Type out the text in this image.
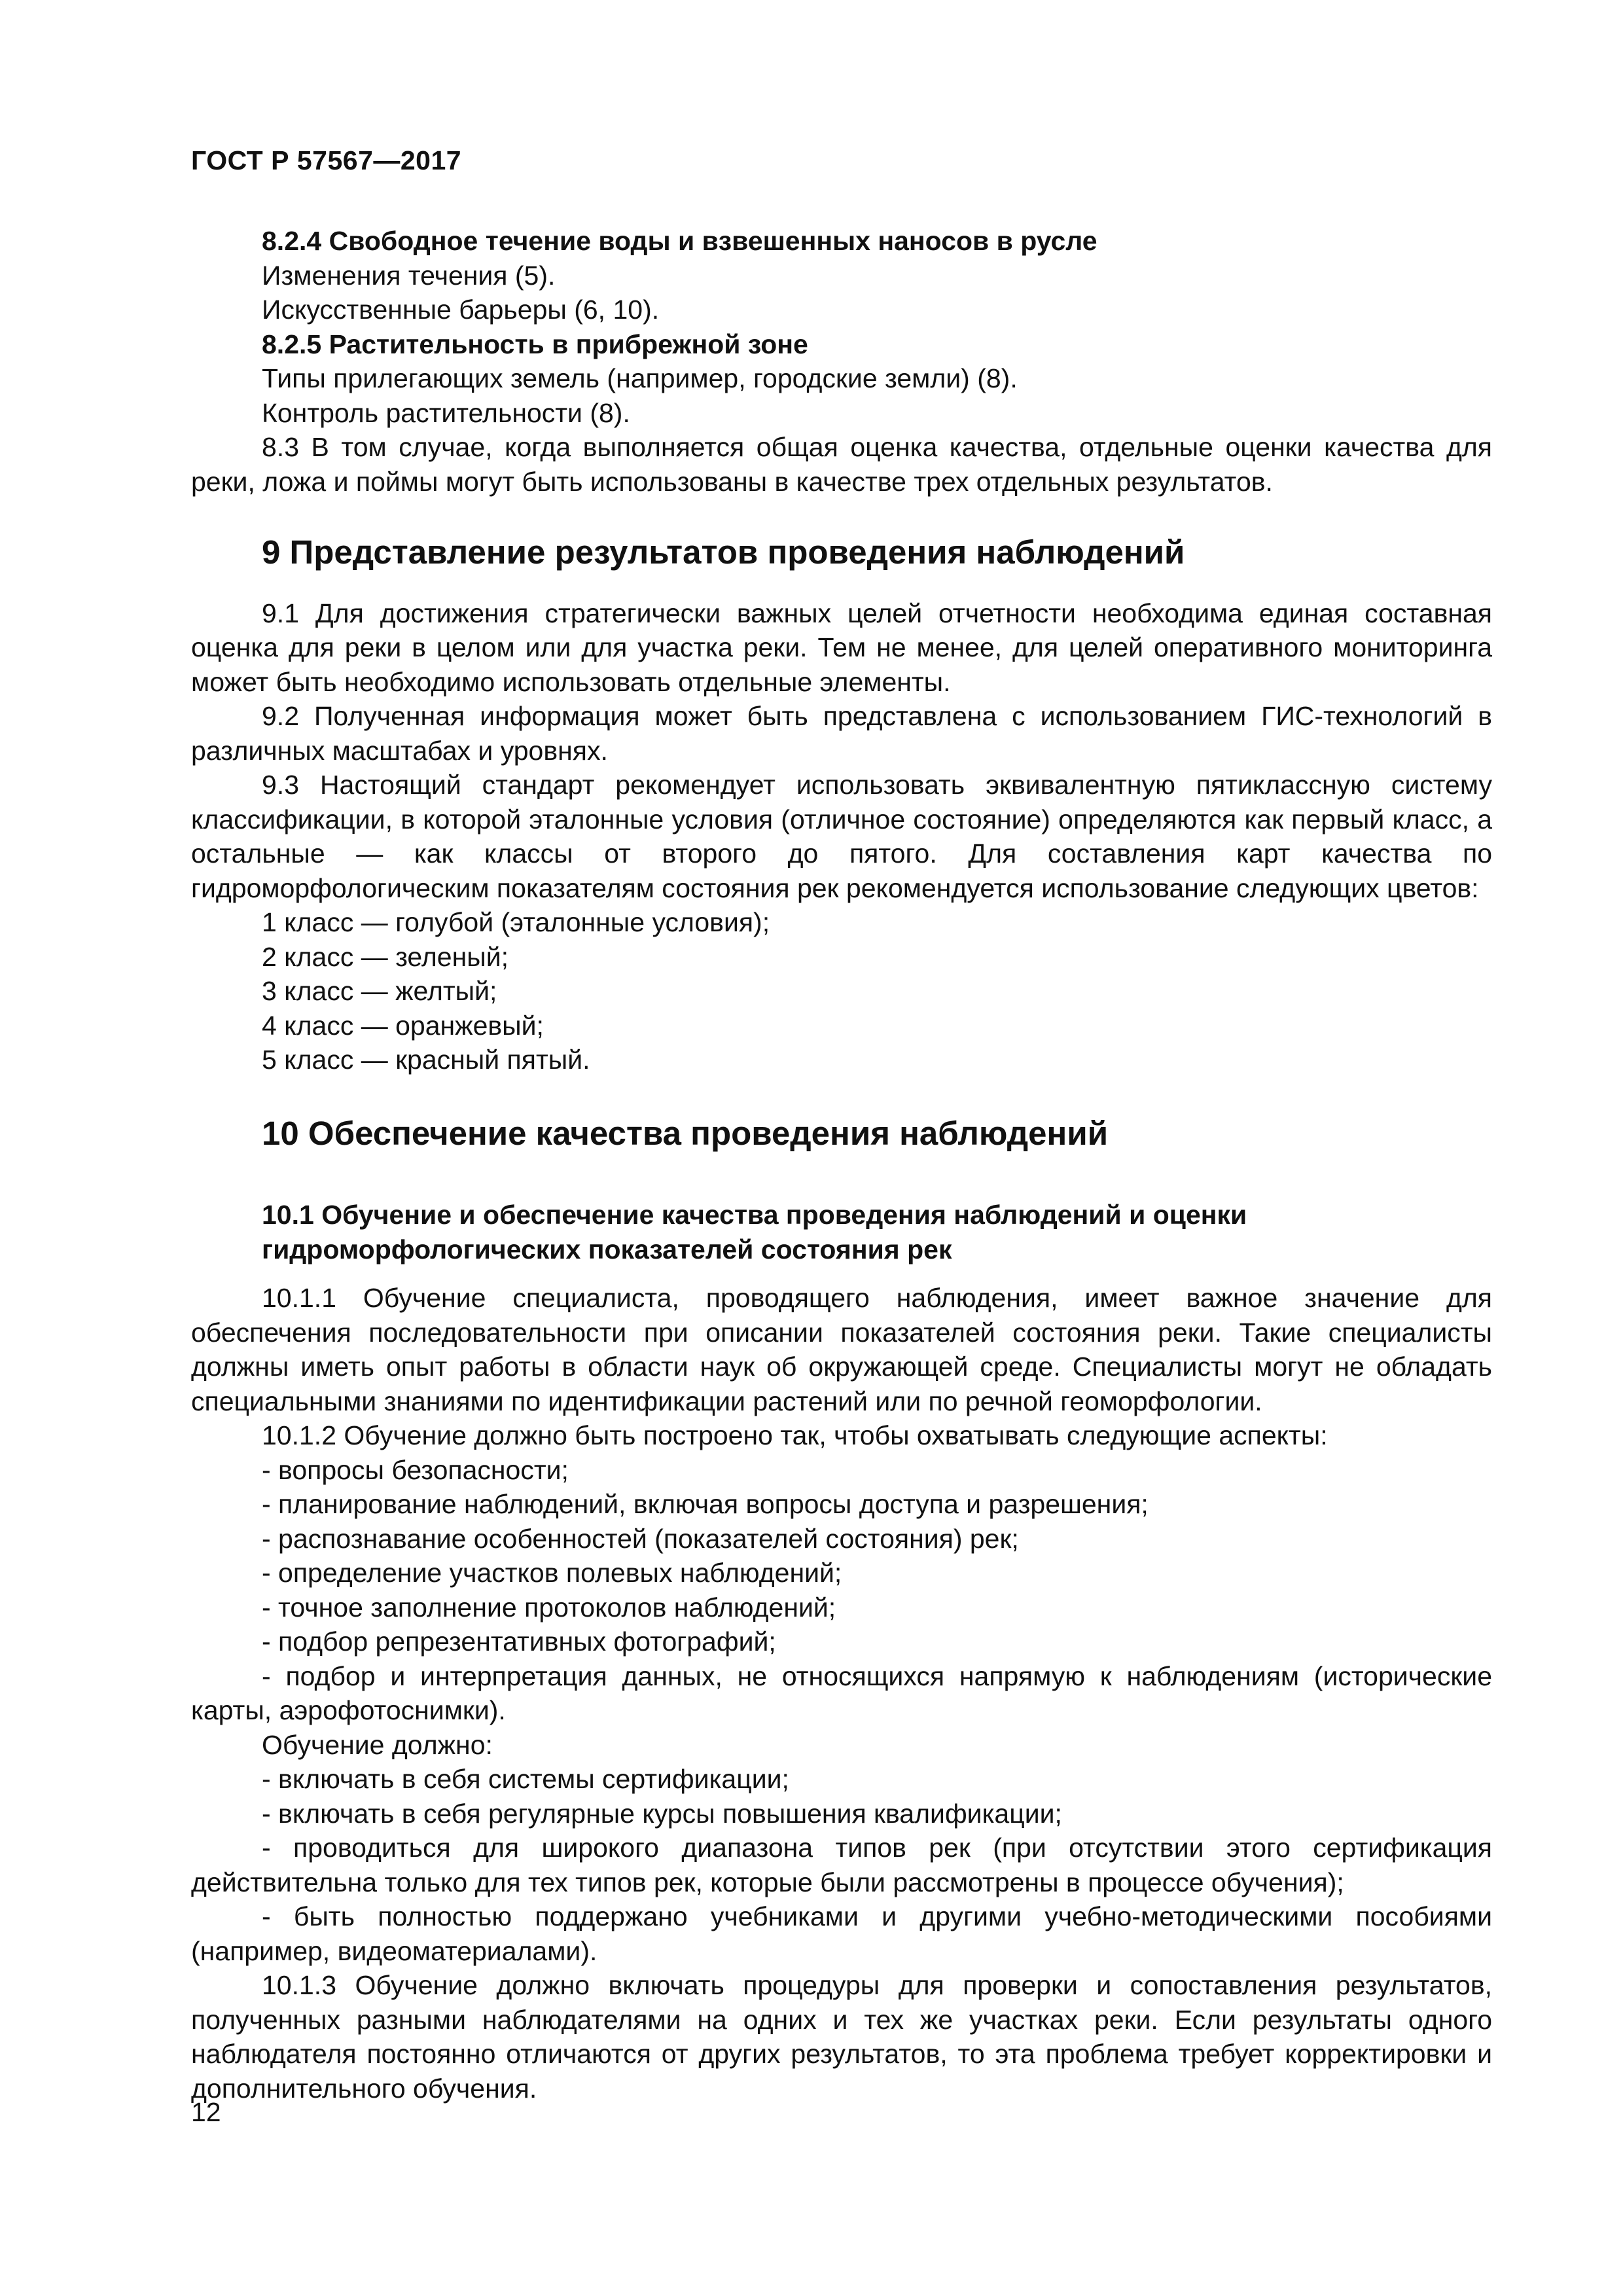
ГОСТ Р 57567—2017

8.2.4 Свободное течение воды и взвешенных наносов в русле

Изменения течения (5).

Искусственные барьеры (6, 10).

8.2.5 Растительность в прибрежной зоне

Типы прилегающих земель (например, городские земли) (8).

Контроль растительности (8).

8.3 В том случае, когда выполняется общая оценка качества, отдельные оценки качества для реки, ложа и поймы могут быть использованы в качестве трех отдельных результатов.

9 Представление результатов проведения наблюдений

9.1 Для достижения стратегически важных целей отчетности необходима единая составная оценка для реки в целом или для участка реки. Тем не менее, для целей оперативного мониторинга может быть необходимо использовать отдельные элементы.

9.2 Полученная информация может быть представлена с использованием ГИС-технологий в различных масштабах и уровнях.

9.3 Настоящий стандарт рекомендует использовать эквивалентную пятиклассную систему классификации, в которой эталонные условия (отличное состояние) определяются как первый класс, а остальные — как классы от второго до пятого. Для составления карт качества по гидроморфологическим показателям состояния рек рекомендуется использование следующих цветов:

1 класс — голубой (эталонные условия);

2 класс — зеленый;

3 класс — желтый;

4 класс — оранжевый;

5 класс — красный пятый.

10 Обеспечение качества проведения наблюдений

10.1 Обучение и обеспечение качества проведения наблюдений и оценки

гидроморфологических показателей состояния рек

10.1.1 Обучение специалиста, проводящего наблюдения, имеет важное значение для обеспечения последовательности при описании показателей состояния реки. Такие специалисты должны иметь опыт работы в области наук об окружающей среде. Специалисты могут не обладать специальными знаниями по идентификации растений или по речной геоморфологии.

10.1.2 Обучение должно быть построено так, чтобы охватывать следующие аспекты:

- вопросы безопасности;

- планирование наблюдений, включая вопросы доступа и разрешения;

- распознавание особенностей (показателей состояния) рек;

- определение участков полевых наблюдений;

- точное заполнение протоколов наблюдений;

- подбор репрезентативных фотографий;

- подбор и интерпретация данных, не относящихся напрямую к наблюдениям (исторические карты, аэрофотоснимки).

Обучение должно:

- включать в себя системы сертификации;

- включать в себя регулярные курсы повышения квалификации;

- проводиться для широкого диапазона типов рек (при отсутствии этого сертификация действительна только для тех типов рек, которые были рассмотрены в процессе обучения);

- быть полностью поддержано учебниками и другими учебно-методическими пособиями (например, видеоматериалами).

10.1.3 Обучение должно включать процедуры для проверки и сопоставления результатов, полученных разными наблюдателями на одних и тех же участках реки. Если результаты одного наблюдателя постоянно отличаются от других результатов, то эта проблема требует корректировки и дополнительного обучения.

12
